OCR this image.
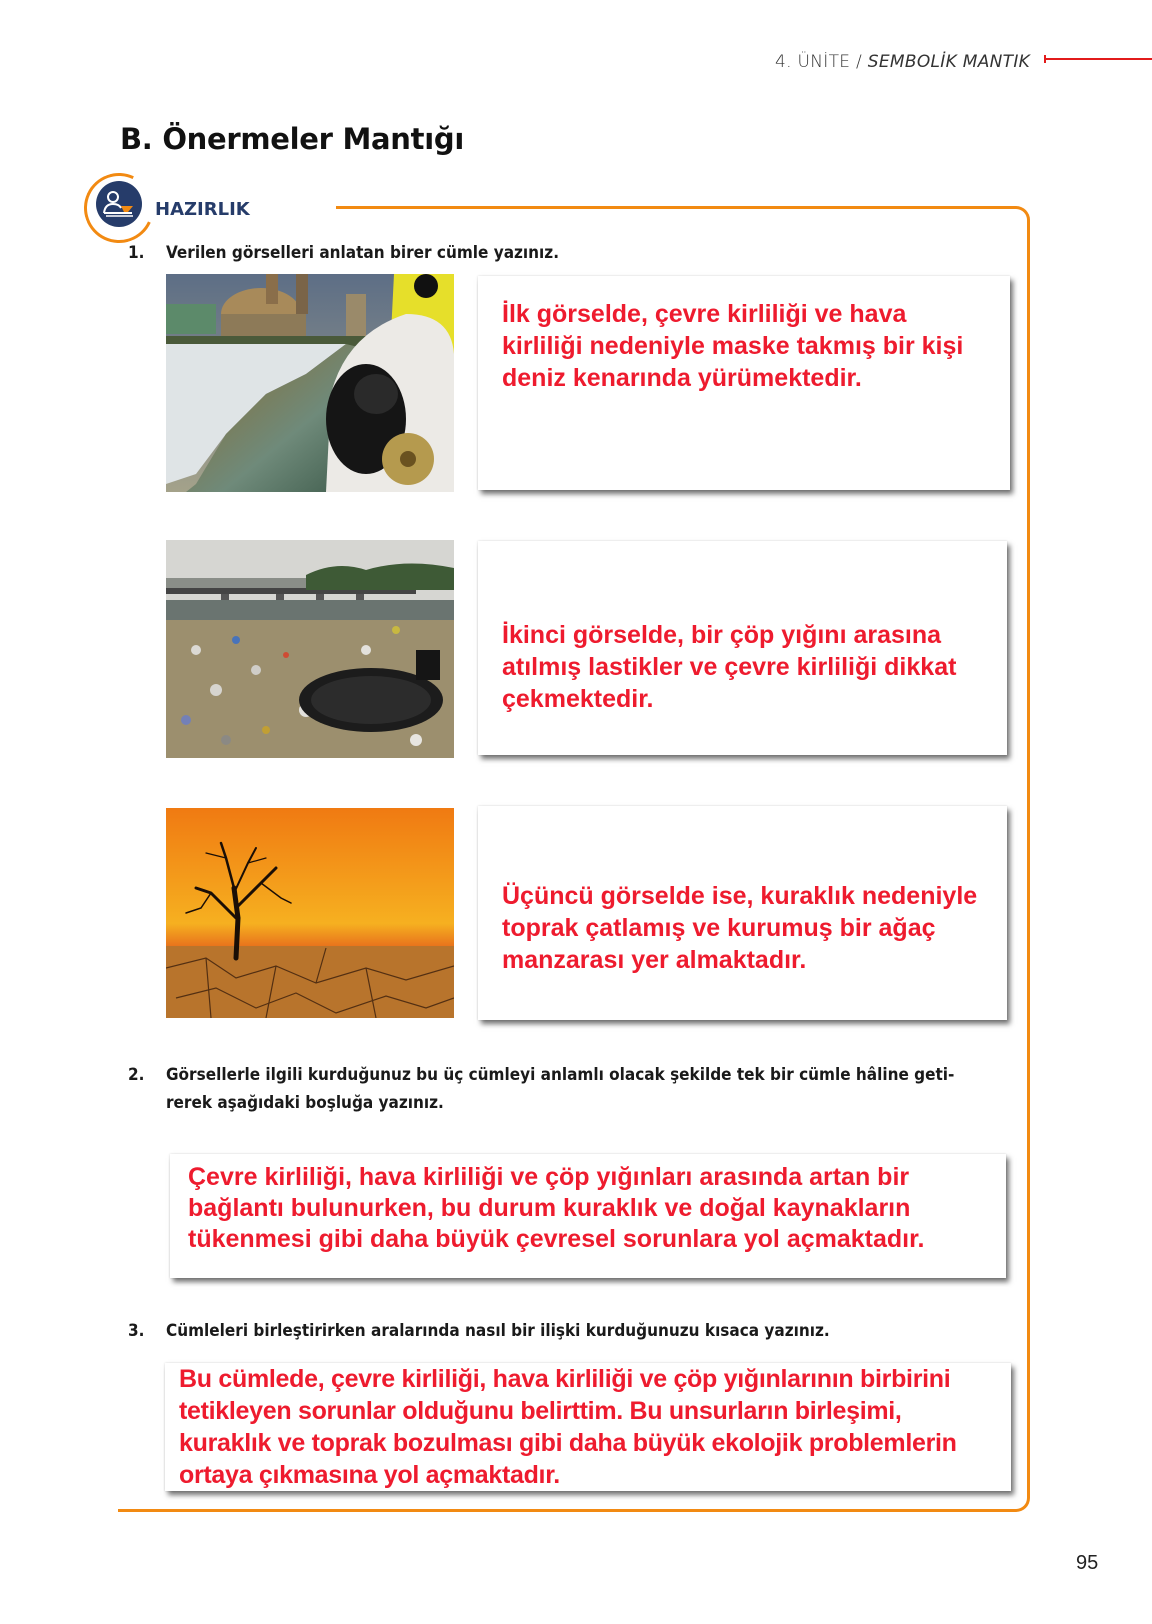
4. ÜNİTE / SEMBOLİK MANTIK
B. Önermeler Mantığı
HAZIRLIK
1. Verilen görselleri anlatan birer cümle yazınız.
İlk görselde, çevre kirliliği ve hava kirliliği nedeniyle maske takmış bir kişi deniz kenarında yürümektedir.
İkinci görselde, bir çöp yığını arasına atılmış lastikler ve çevre kirliliği dikkat çekmektedir.
Üçüncü görselde ise, kuraklık nedeniyle toprak çatlamış ve kurumuş bir ağaç manzarası yer almaktadır.
2. Görsellerle ilgili kurduğunuz bu üç cümleyi anlamlı olacak şekilde tek bir cümle hâline geti-
rerek aşağıdaki boşluğa yazınız.
Çevre kirliliği, hava kirliliği ve çöp yığınları arasında artan bir bağlantı bulunurken, bu durum kuraklık ve doğal kaynakların tükenmesi gibi daha büyük çevresel sorunlara yol açmaktadır.
3. Cümleleri birleştirirken aralarında nasıl bir ilişki kurduğunuzu kısaca yazınız.
Bu cümlede, çevre kirliliği, hava kirliliği ve çöp yığınlarının birbirini tetikleyen sorunlar olduğunu belirttim. Bu unsurların birleşimi, kuraklık ve toprak bozulması gibi daha büyük ekolojik problemlerin ortaya çıkmasına yol açmaktadır.
95
